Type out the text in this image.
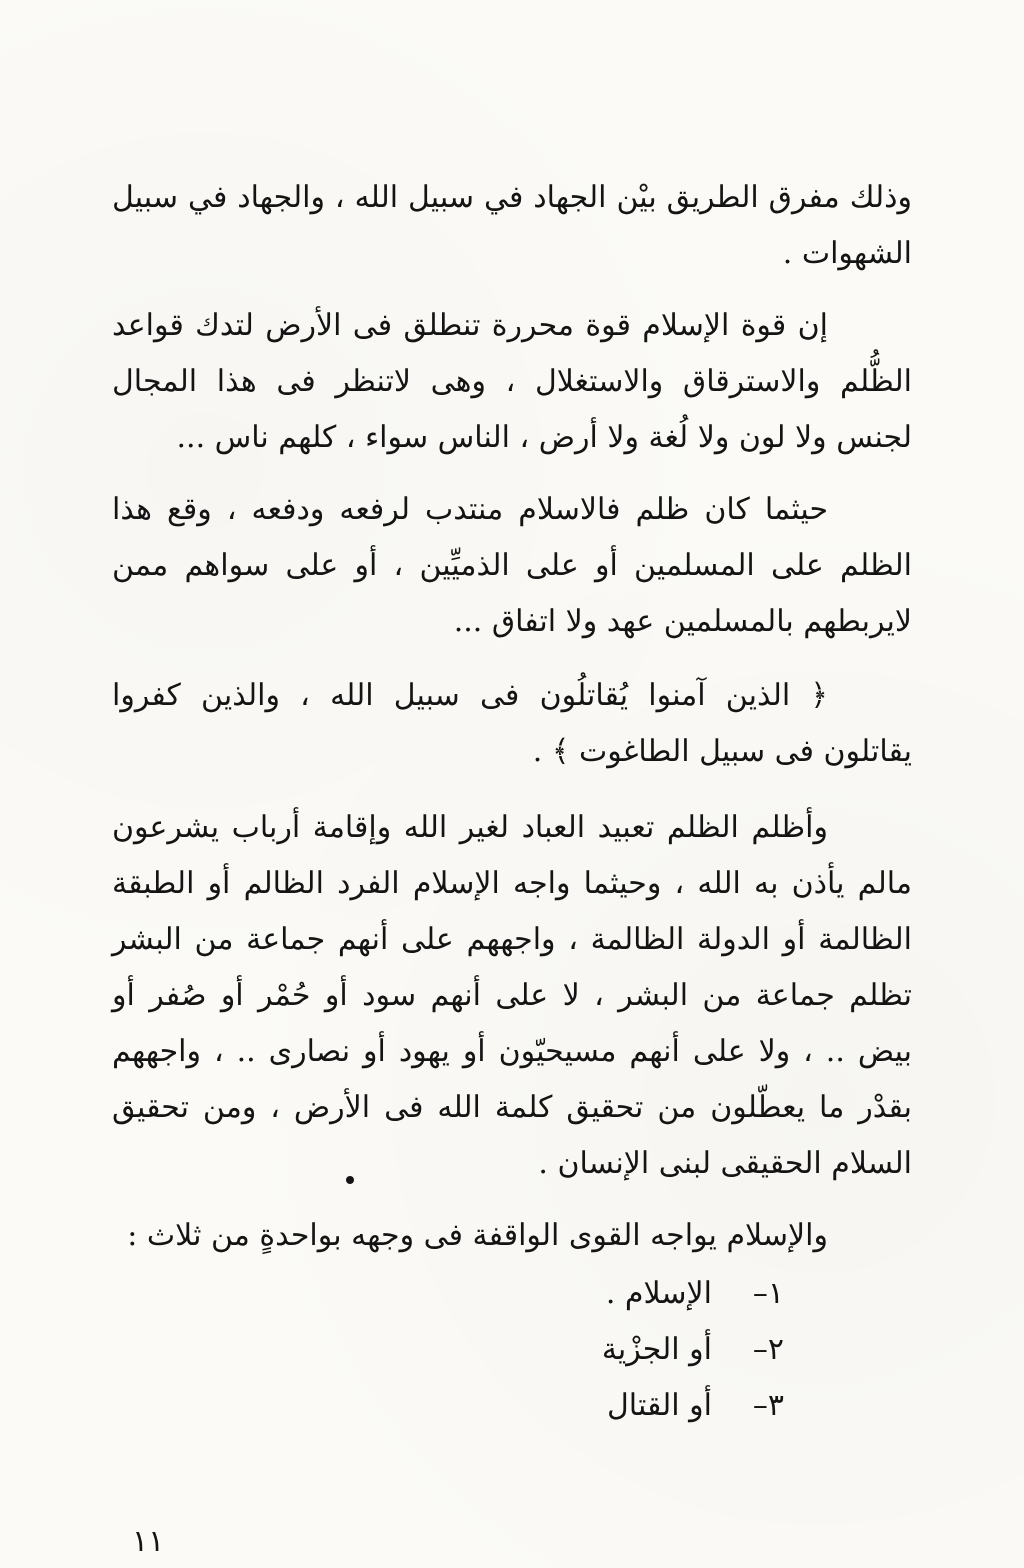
وذلك مفرق الطريق بيْن الجهاد في سبيل الله ، والجهاد في سبيل الشهوات .

إن قوة الإسلام قوة محررة تنطلق فى الأرض لتدك قواعد الظُّلم والاسترقاق والاستغلال ، وهى لاتنظر فى هذا المجال لجنس ولا لون ولا لُغة ولا أرض ، الناس سواء ، كلهم ناس ...

حيثما كان ظلم فالاسلام منتدب لرفعه ودفعه ، وقع هذا الظلم على المسلمين أو على الذميِّين ، أو على سواهم ممن لايربطهم بالمسلمين عهد ولا اتفاق ...

﴿ الذين آمنوا يُقاتلُون فى سبيل الله ، والذين كفروا يقاتلون فى سبيل الطاغوت ﴾ .

وأظلم الظلم تعبيد العباد لغير الله وإقامة أرباب يشرعون مالم يأذن به الله ، وحيثما واجه الإسلام الفرد الظالم أو الطبقة الظالمة أو الدولة الظالمة ، واجههم على أنهم جماعة من البشر تظلم جماعة من البشر ، لا على أنهم سود أو حُمْر أو صُفر أو بيض .. ، ولا على أنهم مسيحيّون أو يهود أو نصارى .. ، واجههم بقدْر ما يعطّلون من تحقيق كلمة الله فى الأرض ، ومن تحقيق السلام الحقيقى لبنى الإنسان .

والإسلام يواجه القوى الواقفة فى وجهه بواحدةٍ من ثلاث :

١–
الإسلام .
٢–
أو الجزْية
٣–
أو القتال
١١
